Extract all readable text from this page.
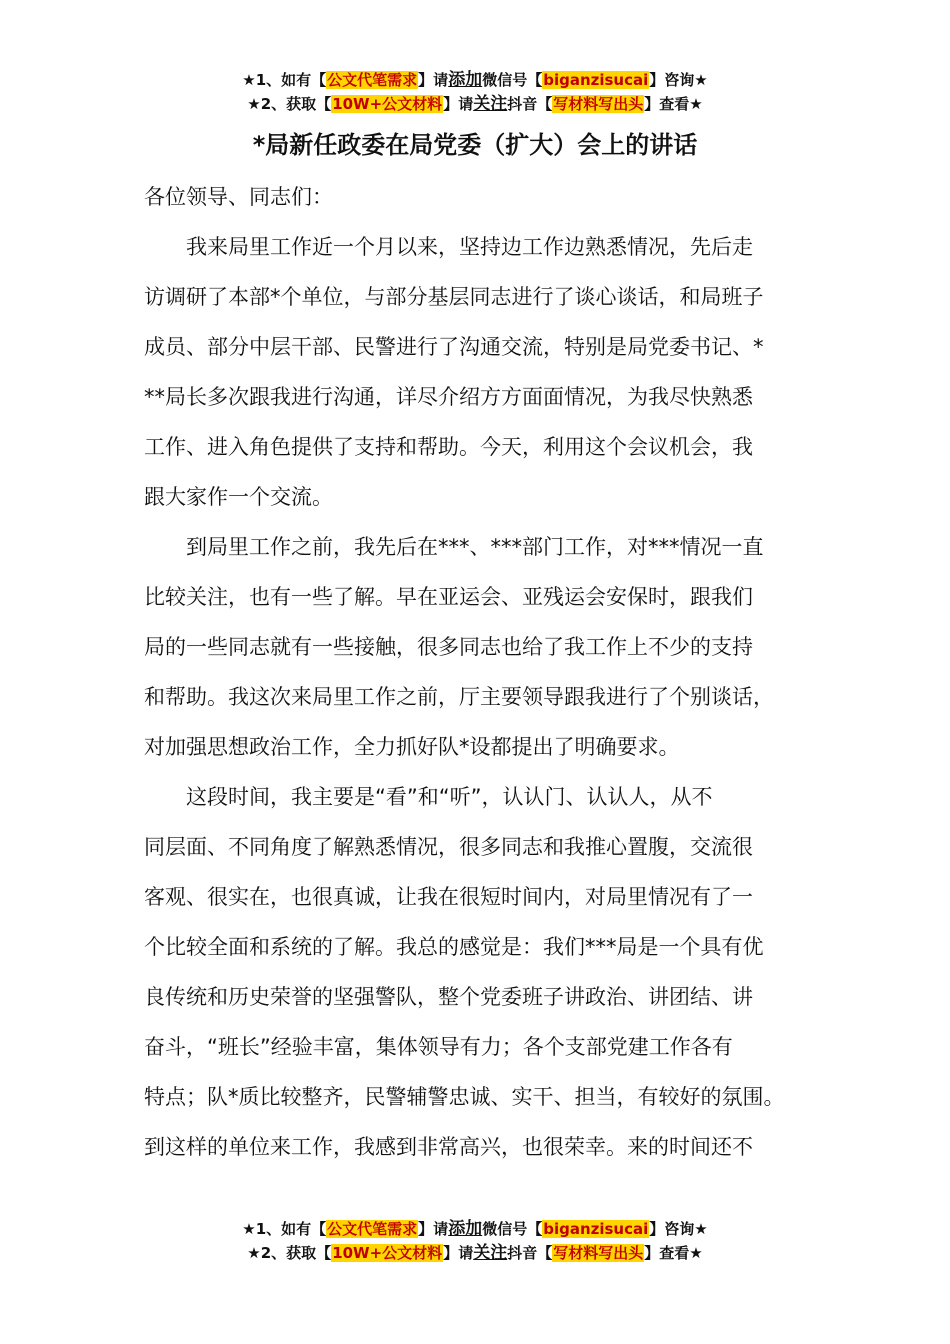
★1、如有【公文代笔需求】请添加微信号【biganzisucai】咨询★
★2、获取【10W+公文材料】请关注抖音【写材料写出头】查看★
*局新任政委在局党委（扩大）会上的讲话

各位领导、同志们：

我来局里工作近一个月以来，坚持边工作边熟悉情况，先后走
访调研了本部*个单位，与部分基层同志进行了谈心谈话，和局班子
成员、部分中层干部、民警进行了沟通交流，特别是局党委书记、*
**局长多次跟我进行沟通，详尽介绍方方面面情况，为我尽快熟悉
工作、进入角色提供了支持和帮助。今天，利用这个会议机会，我
跟大家作一个交流。

到局里工作之前，我先后在***、***部门工作，对***情况一直
比较关注，也有一些了解。早在亚运会、亚残运会安保时，跟我们
局的一些同志就有一些接触，很多同志也给了我工作上不少的支持
和帮助。我这次来局里工作之前，厅主要领导跟我进行了个别谈话，
对加强思想政治工作，全力抓好队*设都提出了明确要求。

这段时间，我主要是“看”和“听”，认认门、认认人，从不
同层面、不同角度了解熟悉情况，很多同志和我推心置腹，交流很
客观、很实在，也很真诚，让我在很短时间内，对局里情况有了一
个比较全面和系统的了解。我总的感觉是：我们***局是一个具有优
良传统和历史荣誉的坚强警队，整个党委班子讲政治、讲团结、讲
奋斗，“班长”经验丰富，集体领导有力；各个支部党建工作各有
特点；队*质比较整齐，民警辅警忠诚、实干、担当，有较好的氛围。
到这样的单位来工作，我感到非常高兴，也很荣幸。来的时间还不

★1、如有【公文代笔需求】请添加微信号【biganzisucai】咨询★
★2、获取【10W+公文材料】请关注抖音【写材料写出头】查看★
